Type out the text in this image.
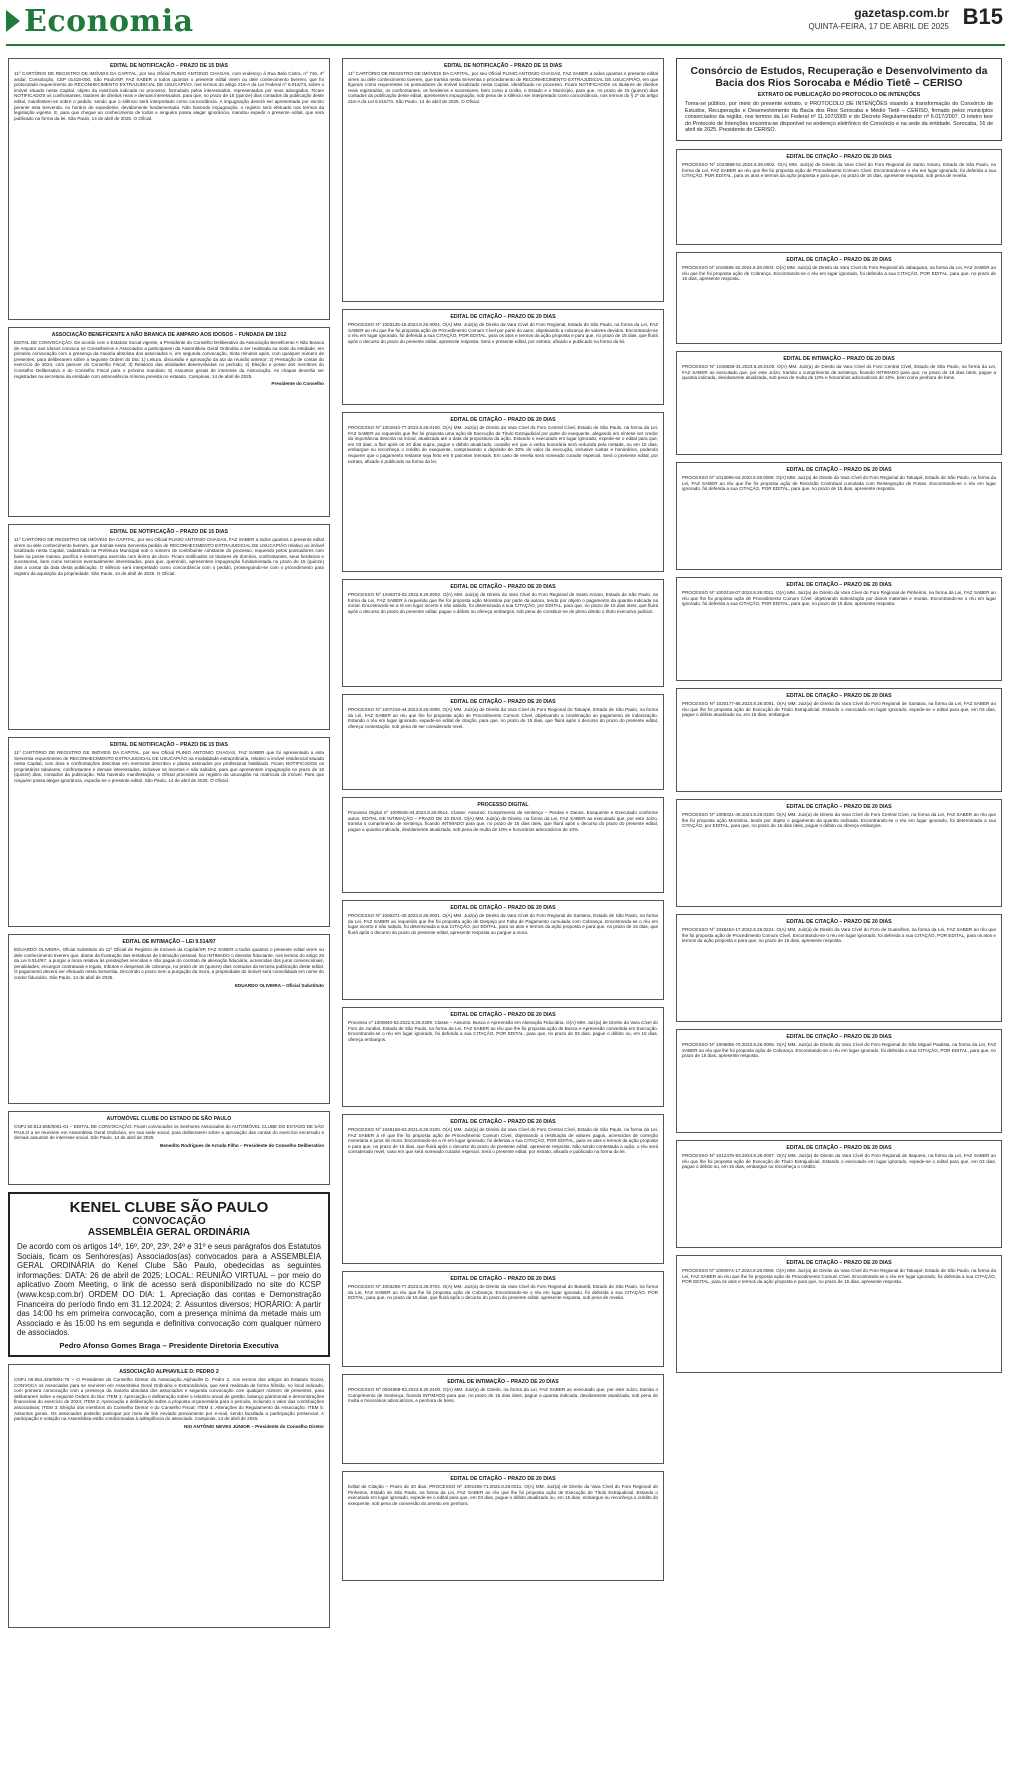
Economia	gazetasp.com.br
QUINTA-FEIRA, 17 DE ABRIL DE 2025 B15
EDITAL DE NOTIFICAÇÃO – PRAZO DE 15 DIAS
11º CARTÓRIO DE REGISTRO DE IMÓVEIS DA CAPITAL, por seu Oficial PLINIO ANTONIO CHAGAS, com endereço à Rua Bela Cintra, nº 746, 4º andar, Consolação, CEP 01415-000, São Paulo/SP, FAZ SABER a todos quantos o presente edital virem ou dele conhecimento tiverem, que foi protocolado requerimento de RECONHECIMENTO EXTRAJUDICIAL DE USUCAPIÃO, nos termos do artigo 216-A da Lei Federal nº 6.015/73, sobre o imóvel situado nesta Capital, objeto da matrícula indicada no processo, formulado pelos interessados, representados por seus advogados. Ficam NOTIFICADOS os confrontantes, titulares de direitos reais e demais interessados, para que, no prazo de 15 (quinze) dias contados da publicação deste edital, manifestem-se sobre o pedido, sendo que o silêncio será interpretado como concordância. A impugnação deverá ser apresentada por escrito perante esta Serventia, no horário de expediente, devidamente fundamentada. Não havendo impugnação, o registro será efetuado nos termos da legislação vigente. E, para que chegue ao conhecimento de todos e ninguém possa alegar ignorância, mandou expedir o presente edital, que será publicado na forma da lei. São Paulo, 14 de abril de 2025. O Oficial.
ASSOCIAÇÃO BENEFICENTE A NÃO BRANCA DE AMPARO AOS IDOSOS – FUNDADA EM 1912
EDITAL DE CONVOCAÇÃO. De acordo com o Estatuto Social vigente, a Presidente do Conselho Deliberativo da Associação Beneficente A Não Branca de Amparo aos Idosos convoca os Conselheiros e Associados a participarem da Assembleia Geral Ordinária a ser realizada na sede da entidade, em primeira convocação com a presença da maioria absoluta dos associados e, em segunda convocação, trinta minutos após, com qualquer número de presentes, para deliberarem sobre a seguinte Ordem do Dia: 1) Leitura, discussão e aprovação da ata da reunião anterior; 2) Prestação de contas do exercício de 2024, com parecer do Conselho Fiscal; 3) Relatório das atividades desenvolvidas no período; 4) Eleição e posse dos membros do Conselho Deliberativo e do Conselho Fiscal para o próximo mandato; 5) Assuntos gerais de interesse da Associação. As chapas deverão ser registradas na secretaria da entidade com antecedência mínima prevista no estatuto. Campinas, 14 de abril de 2025.
Presidente do Conselho
EDITAL DE NOTIFICAÇÃO – PRAZO DE 15 DIAS
11º CARTÓRIO DE REGISTRO DE IMÓVEIS DA CAPITAL, por seu Oficial PLINIO ANTONIO CHAGAS, FAZ SABER a todos quantos o presente edital virem ou dele conhecimento tiverem, que tramita nesta Serventia pedido de RECONHECIMENTO EXTRAJUDICIAL DE USUCAPIÃO relativo ao imóvel localizado nesta Capital, cadastrado na Prefeitura Municipal sob o número de contribuinte constante do processo, requerido pelos possuidores com base na posse mansa, pacífica e ininterrupta exercida com ânimo de dono. Ficam notificados os titulares de domínio, confrontantes, seus herdeiros e sucessores, bem como terceiros eventualmente interessados, para que, querendo, apresentem impugnação fundamentada no prazo de 15 (quinze) dias a contar da data desta publicação. O silêncio será interpretado como concordância com o pedido, prosseguindo-se com o procedimento para registro da aquisição da propriedade. São Paulo, 14 de abril de 2025. O Oficial.
EDITAL DE NOTIFICAÇÃO – PRAZO DE 15 DIAS
11º CARTÓRIO DE REGISTRO DE IMÓVEIS DA CAPITAL, por seu Oficial PLINIO ANTONIO CHAGAS, FAZ SABER que foi apresentado a esta Serventia requerimento de RECONHECIMENTO EXTRAJUDICIAL DE USUCAPIÃO na modalidade extraordinária, relativo a imóvel residencial situado nesta Capital, com área e confrontações descritas em memorial descritivo e planta assinados por profissional habilitado. Ficam NOTIFICADOS os proprietários tabulares, confrontantes e demais interessados, inclusive os incertos e não sabidos, para que apresentem impugnação no prazo de 15 (quinze) dias, contados da publicação. Não havendo manifestação, o Oficial procederá ao registro da usucapião na matrícula do imóvel. Para que ninguém possa alegar ignorância, expediu-se o presente edital. São Paulo, 14 de abril de 2025. O Oficial.
EDITAL DE INTIMAÇÃO – LEI 9.514/97
EDUARDO OLIVEIRA, Oficial Substituto do 11º Oficial de Registro de Imóveis da Capital/SP, FAZ SABER a todos quantos o presente edital virem ou dele conhecimento tiverem que, diante da frustração das tentativas de intimação pessoal, fica INTIMADO o devedor fiduciante, nos termos do artigo 26 da Lei 9.514/97, a purgar a mora relativa às prestações vencidas e não pagas do contrato de alienação fiduciária, acrescidas dos juros convencionais, penalidades, encargos contratuais e legais, tributos e despesas de cobrança, no prazo de 15 (quinze) dias contados da terceira publicação deste edital. O pagamento deverá ser efetuado nesta Serventia. Decorrido o prazo sem a purgação da mora, a propriedade do imóvel será consolidada em nome do credor fiduciário. São Paulo, 14 de abril de 2025.
EDUARDO OLIVEIRA – Oficial Substituto
AUTOMÓVEL CLUBE DO ESTADO DE SÃO PAULO
CNPJ 60.513.655/0001-01 – EDITAL DE CONVOCAÇÃO. Ficam convocados os Senhores Associados do AUTOMÓVEL CLUBE DO ESTADO DE SÃO PAULO a se reunirem em Assembleia Geral Ordinária, em sua sede social, para deliberarem sobre a aprovação das contas do exercício encerrado e demais assuntos de interesse social. São Paulo, 14 de abril de 2025.
Benedito Rodrigues de Arruda Filho – Presidente do Conselho Deliberativo
KENEL CLUBE SÃO PAULO
CONVOCAÇÃO
ASSEMBLÉIA GERAL ORDINÁRIA
De acordo com os artigos 14º, 16º, 20º, 23º, 24º e 31º e seus parágrafos dos Estatutos Sociais, ficam os Senhores(as) Associados(as) convocados para a ASSEMBLÉIA GERAL ORDINÁRIA do Kenel Clube São Paulo, obedecidas as seguintes informações: DATA: 26 de abril de 2025; LOCAL: REUNIÃO VIRTUAL – por meio do aplicativo Zoom Meeting, o link de acesso será disponibilizado no site do KCSP (www.kcsp.com.br) ORDEM DO DIA: 1. Apreciação das contas e Demonstração Financeira do período findo em 31.12.2024; 2. Assuntos diversos; HORÁRIO: A partir das 14:00 hs em primeira convocação, com a presença mínima da metade mais um Associado e às 15:00 hs em segunda e definitiva convocação com qualquer número de associados.
Pedro Afonso Gomes Braga – Presidente Diretoria Executiva
ASSOCIAÇÃO ALPHAVILLE D. PEDRO 2
CNPJ 09.554.425/0001-75 – O Presidente do Conselho Diretor da Associação Alphaville D. Pedro 2, nos termos dos artigos do Estatuto Social, CONVOCA os Associados para se reunirem em Assembleia Geral Ordinária e Extraordinária, que será realizada de forma híbrida, no local indicado, com primeira convocação com a presença da maioria absoluta dos associados e segunda convocação com qualquer número de presentes, para deliberarem sobre a seguinte Ordem do Dia: ITEM 1: Apreciação e deliberação sobre o relatório anual de gestão, balanço patrimonial e demonstrações financeiras do exercício de 2024; ITEM 2: Apreciação e deliberação sobre a proposta orçamentária para o período, incluindo o valor das contribuições associativas; ITEM 3: Eleição dos membros do Conselho Diretor e do Conselho Fiscal; ITEM 4: Alterações do Regulamento da Associação; ITEM 5: Assuntos gerais. Os associados poderão participar por meio de link enviado previamente por e-mail, sendo facultada a participação presencial. A participação e votação na Assembleia estão condicionadas à adimplência do associado. Campinas, 14 de abril de 2025.
NIO ANTÔNIO NEVES JÚNIOR – Presidente do Conselho Diretor
EDITAL DE NOTIFICAÇÃO – PRAZO DE 15 DIAS
11º CARTÓRIO DE REGISTRO DE IMÓVEIS DA CAPITAL, por seu Oficial PLINIO ANTONIO CHAGAS, FAZ SABER a todos quantos o presente edital virem ou dele conhecimento tiverem, que tramita nesta Serventia o procedimento de RECONHECIMENTO EXTRAJUDICIAL DE USUCAPIÃO, em que figuram como requerentes os possuidores do imóvel localizado nesta Capital, identificado no processo. Ficam NOTIFICADOS os titulares de direitos reais registrados, os confrontantes, os herdeiros e sucessores, bem como a União, o Estado e o Município, para que, no prazo de 15 (quinze) dias contados da publicação deste edital, apresentem impugnação, sob pena de o silêncio ser interpretado como concordância, nos termos do § 2º do artigo 216-A da Lei 6.015/73. São Paulo, 14 de abril de 2025. O Oficial.
EDITAL DE CITAÇÃO – PRAZO DE 20 DIAS
PROCESSO Nº 1003125-18.2024.8.26.0004. O(A) MM. Juiz(a) de Direito da Vara Cível do Foro Regional, Estado de São Paulo, na forma da Lei, FAZ SABER ao réu que lhe foi proposta ação de Procedimento Comum Cível por parte do autor, objetivando a cobrança de valores devidos. Encontrando-se o réu em lugar ignorado, foi deferida a sua CITAÇÃO, POR EDITAL, para os atos e termos da ação proposta e para que, no prazo de 15 dias, que fluirá após o decurso do prazo do presente edital, apresente resposta. Será o presente edital, por extrato, afixado e publicado na forma da lei.
EDITAL DE CITAÇÃO – PRAZO DE 20 DIAS
PROCESSO Nº 1001843-77.2023.8.26.0100. O(A) MM. Juiz(a) de Direito da Vara Cível do Foro Central Cível, Estado de São Paulo, na forma da Lei, FAZ SABER ao requerido que lhe foi proposta uma ação de Execução de Título Extrajudicial por parte do exequente, alegando em síntese ser credor da importância descrita na inicial, atualizada até a data da propositura da ação. Estando o executado em lugar ignorado, expede-se o edital para que, em 03 dias, a fluir após os 20 dias supra, pague o débito atualizado, ocasião em que a verba honorária será reduzida pela metade, ou em 15 dias, embargue ou reconheça o crédito do exequente, comprovando o depósito de 30% do valor da execução, inclusive custas e honorários, podendo requerer que o pagamento restante seja feito em 6 parcelas mensais. Em caso de revelia será nomeado curador especial. Será o presente edital, por extrato, afixado e publicado na forma da lei.
EDITAL DE CITAÇÃO – PRAZO DE 20 DIAS
PROCESSO Nº 1049373-02.2022.8.26.0002. O(A) MM. Juiz(a) de Direito da Vara Cível do Foro Regional de Santo Amaro, Estado de São Paulo, na forma da Lei, FAZ SABER à requerida que lhe foi proposta ação Monitória por parte da autora, tendo por objeto o pagamento da quantia indicada na inicial. Encontrando-se a ré em lugar incerto e não sabido, foi determinada a sua CITAÇÃO, por EDITAL, para que, no prazo de 15 dias úteis, que fluirá após o decurso do prazo do presente edital, pague o débito ou ofereça embargos, sob pena de constituir-se de pleno direito o título executivo judicial.
EDITAL DE CITAÇÃO – PRAZO DE 20 DIAS
PROCESSO Nº 1007218-44.2023.8.26.0008. O(A) MM. Juiz(a) de Direito da Vara Cível do Foro Regional do Tatuapé, Estado de São Paulo, na forma da Lei, FAZ SABER ao réu que lhe foi proposta ação de Procedimento Comum Cível, objetivando a condenação ao pagamento de indenização. Estando o réu em lugar ignorado, expede-se edital de citação, para que, no prazo de 15 dias, que fluirá após o decurso do prazo do presente edital, ofereça contestação, sob pena de ser considerado revel.
PROCESSO DIGITAL
Processo Digital nº 1000845-44.2024.8.26.0514. Classe: Assunto: Cumprimento de sentença – Perdas e Danos. Exequente e Executado conforme autos. EDITAL DE INTIMAÇÃO – PRAZO DE 20 DIAS. O(A) MM. Juiz(a) de Direito, na forma da Lei, FAZ SABER ao executado que, por este Juízo, tramita o cumprimento de sentença, ficando INTIMADO para que, no prazo de 15 dias úteis, que fluirá após o decurso do prazo do presente edital, pague a quantia indicada, devidamente atualizada, sob pena de multa de 10% e honorários advocatícios de 10%.
EDITAL DE CITAÇÃO – PRAZO DE 20 DIAS
PROCESSO Nº 1005371-40.2023.8.26.0001. O(A) MM. Juiz(a) de Direito da Vara Cível do Foro Regional de Santana, Estado de São Paulo, na forma da Lei, FAZ SABER ao requerido que lhe foi proposta ação de Despejo por Falta de Pagamento cumulada com Cobrança. Encontrando-se o réu em lugar incerto e não sabido, foi determinada a sua CITAÇÃO, por EDITAL, para os atos e termos da ação proposta e para que, no prazo de 15 dias, que fluirá após o decurso do prazo do presente edital, apresente resposta ou purgue a mora.
EDITAL DE CITAÇÃO – PRAZO DE 20 DIAS
Processo nº 1000840-53.2022.8.26.0309. Classe – Assunto: Busca e Apreensão em Alienação Fiduciária. O(A) MM. Juiz(a) de Direito da Vara Cível do Foro de Jundiaí, Estado de São Paulo, na forma da Lei, FAZ SABER ao réu que lhe foi proposta ação de Busca e Apreensão convertida em Execução. Encontrando-se o réu em lugar ignorado, foi deferida a sua CITAÇÃO, POR EDITAL, para que, no prazo de 03 dias, pague o débito ou, em 15 dias, ofereça embargos.
EDITAL DE CITAÇÃO – PRAZO DE 20 DIAS
PROCESSO Nº 1049158-63.2021.8.26.0100. O(A) MM. Juiz(a) de Direito da Vara Cível do Foro Central Cível, Estado de São Paulo, na forma da Lei, FAZ SABER à ré que lhe foi proposta ação de Procedimento Comum Cível, objetivando a restituição de valores pagos, acrescidos de correção monetária e juros de mora. Encontrando-se a ré em lugar ignorado, foi deferida a sua CITAÇÃO, POR EDITAL, para os atos e termos da ação proposta e para que, no prazo de 15 dias, que fluirá após o decurso do prazo do presente edital, apresente resposta. Não sendo contestada a ação, o réu será considerado revel, caso em que será nomeado curador especial. Será o presente edital, por extrato, afixado e publicado na forma da lei.
EDITAL DE CITAÇÃO – PRAZO DE 20 DIAS
PROCESSO Nº 1003268-77.2023.8.26.0704. O(A) MM. Juiz(a) de Direito da Vara Cível do Foro Regional do Butantã, Estado de São Paulo, na forma da Lei, FAZ SABER ao réu que lhe foi proposta ação de Cobrança. Encontrando-se o réu em lugar ignorado, foi deferida a sua CITAÇÃO, POR EDITAL, para que, no prazo de 15 dias, que fluirá após o decurso do prazo do presente edital, apresente resposta, sob pena de revelia.
EDITAL DE INTIMAÇÃO – PRAZO DE 20 DIAS
PROCESSO Nº 0004889-82.2023.8.26.0100. O(A) MM. Juiz(a) de Direito, na forma da Lei, FAZ SABER ao executado que, por este Juízo, tramita o Cumprimento de Sentença, ficando INTIMADO para que, no prazo de 15 dias úteis, pague a quantia indicada, devidamente atualizada, sob pena de multa e honorários advocatícios, e penhora de bens.
EDITAL DE CITAÇÃO – PRAZO DE 20 DIAS
Edital de Citação – Prazo de 20 dias. PROCESSO Nº 1001455-71.2022.8.26.0011. O(A) MM. Juiz(a) de Direito da Vara Cível do Foro Regional de Pinheiros, Estado de São Paulo, na forma da Lei, FAZ SABER ao réu que lhe foi proposta ação de Execução de Título Extrajudicial. Estando o executado em lugar ignorado, expede-se o edital para que, em 03 dias, pague o débito atualizado ou, em 15 dias, embargue ou reconheça o crédito do exequente, sob pena de conversão do arresto em penhora.
Consórcio de Estudos, Recuperação e Desenvolvimento da Bacia dos Rios Sorocaba e Médio Tietê – CERISO
EXTRATO DE PUBLICAÇÃO DO PROTOCOLO DE INTENÇÕES
Torna-se público, por meio do presente extrato, o PROTOCOLO DE INTENÇÕES visando a transformação do Consórcio de Estudos, Recuperação e Desenvolvimento da Bacia dos Rios Sorocaba e Médio Tietê – CERISO, firmado pelos municípios consorciados da região, nos termos da Lei Federal nº 11.107/2005 e do Decreto Regulamentador nº 6.017/2007. O inteiro teor do Protocolo de Intenções encontra-se disponível no endereço eletrônico do Consórcio e na sede da entidade. Sorocaba, 16 de abril de 2025. Presidente do CERISO.
EDITAL DE CITAÇÃO – PRAZO DE 20 DIAS
PROCESSO Nº 1023898-51.2024.8.26.0002. O(A) MM. Juiz(a) de Direito da Vara Cível do Foro Regional de Santo Amaro, Estado de São Paulo, na forma da Lei, FAZ SABER ao réu que lhe foi proposta ação de Procedimento Comum Cível. Encontrando-se o réu em lugar ignorado, foi deferida a sua CITAÇÃO, POR EDITAL, para os atos e termos da ação proposta e para que, no prazo de 15 dias, apresente resposta, sob pena de revelia.
EDITAL DE CITAÇÃO – PRAZO DE 20 DIAS
PROCESSO Nº 1016585-32.2024.8.26.0003. O(A) MM. Juiz(a) de Direito da Vara Cível do Foro Regional do Jabaquara, na forma da Lei, FAZ SABER ao réu que lhe foi proposta ação de Cobrança. Encontrando-se o réu em lugar ignorado, foi deferida a sua CITAÇÃO, POR EDITAL, para que, no prazo de 15 dias, apresente resposta.
EDITAL DE INTIMAÇÃO – PRAZO DE 20 DIAS
PROCESSO Nº 1046838-31.2023.8.26.0100. O(A) MM. Juiz(a) de Direito da Vara Cível do Foro Central Cível, Estado de São Paulo, na forma da Lei, FAZ SABER ao executado que, por este Juízo, tramita o cumprimento de sentença, ficando INTIMADO para que, no prazo de 15 dias úteis, pague a quantia indicada, devidamente atualizada, sob pena de multa de 10% e honorários advocatícios de 10%, bem como penhora de bens.
EDITAL DE CITAÇÃO – PRAZO DE 20 DIAS
PROCESSO Nº 1013095-64.2023.8.26.0008. O(A) MM. Juiz(a) de Direito da Vara Cível do Foro Regional do Tatuapé, Estado de São Paulo, na forma da Lei, FAZ SABER ao réu que lhe foi proposta ação de Rescisão Contratual cumulada com Reintegração de Posse. Encontrando-se o réu em lugar ignorado, foi deferida a sua CITAÇÃO, POR EDITAL, para que, no prazo de 15 dias, apresente resposta.
EDITAL DE CITAÇÃO – PRAZO DE 20 DIAS
PROCESSO Nº 1002418-07.2024.8.26.0011. O(A) MM. Juiz(a) de Direito da Vara Cível do Foro Regional de Pinheiros, na forma da Lei, FAZ SABER ao réu que lhe foi proposta ação de Procedimento Comum Cível, objetivando indenização por danos materiais e morais. Encontrando-se o réu em lugar ignorado, foi deferida a sua CITAÇÃO, POR EDITAL, para que, no prazo de 15 dias, apresente resposta.
EDITAL DE CITAÇÃO – PRAZO DE 20 DIAS
PROCESSO Nº 1020177-85.2023.8.26.0001. O(A) MM. Juiz(a) de Direito da Vara Cível do Foro Regional de Santana, na forma da Lei, FAZ SABER ao réu que lhe foi proposta ação de Execução de Título Extrajudicial. Estando o executado em lugar ignorado, expede-se o edital para que, em 03 dias, pague o débito atualizado ou, em 15 dias, embargue.
EDITAL DE CITAÇÃO – PRAZO DE 20 DIAS
PROCESSO Nº 1009321-48.2024.8.26.0100. O(A) MM. Juiz(a) de Direito da Vara Cível do Foro Central Cível, na forma da Lei, FAZ SABER ao réu que lhe foi proposta ação Monitória, tendo por objeto o pagamento da quantia indicada. Encontrando-se o réu em lugar ignorado, foi determinada a sua CITAÇÃO, por EDITAL, para que, no prazo de 15 dias úteis, pague o débito ou ofereça embargos.
EDITAL DE CITAÇÃO – PRAZO DE 20 DIAS
PROCESSO Nº 1038454-17.2022.8.26.0224. O(A) MM. Juiz(a) de Direito da Vara Cível do Foro de Guarulhos, na forma da Lei, FAZ SABER ao réu que lhe foi proposta ação de Procedimento Comum Cível. Encontrando-se o réu em lugar ignorado, foi deferida a sua CITAÇÃO, POR EDITAL, para os atos e termos da ação proposta e para que, no prazo de 15 dias, apresente resposta.
EDITAL DE CITAÇÃO – PRAZO DE 20 DIAS
PROCESSO Nº 1008855-70.2023.8.26.0005. O(A) MM. Juiz(a) de Direito da Vara Cível do Foro Regional de São Miguel Paulista, na forma da Lei, FAZ SABER ao réu que lhe foi proposta ação de Cobrança. Encontrando-se o réu em lugar ignorado, foi deferida a sua CITAÇÃO, POR EDITAL, para que, no prazo de 15 dias, apresente resposta.
EDITAL DE CITAÇÃO – PRAZO DE 20 DIAS
PROCESSO Nº 1012476-93.2024.8.26.0007. O(A) MM. Juiz(a) de Direito da Vara Cível do Foro Regional de Itaquera, na forma da Lei, FAZ SABER ao réu que lhe foi proposta ação de Execução de Título Extrajudicial. Estando o executado em lugar ignorado, expede-se o edital para que, em 03 dias, pague o débito ou, em 15 dias, embargue ou reconheça o crédito.
EDITAL DE CITAÇÃO – PRAZO DE 20 DIAS
PROCESSO Nº 1000974-17.2024.8.26.0008. O(A) MM. Juiz(a) de Direito da Vara Cível do Foro Regional do Tatuapé, Estado de São Paulo, na forma da Lei, FAZ SABER ao réu que lhe foi proposta ação de Procedimento Comum Cível. Encontrando-se o réu em lugar ignorado, foi deferida a sua CITAÇÃO, POR EDITAL, para os atos e termos da ação proposta e para que, no prazo de 15 dias, apresente resposta.
